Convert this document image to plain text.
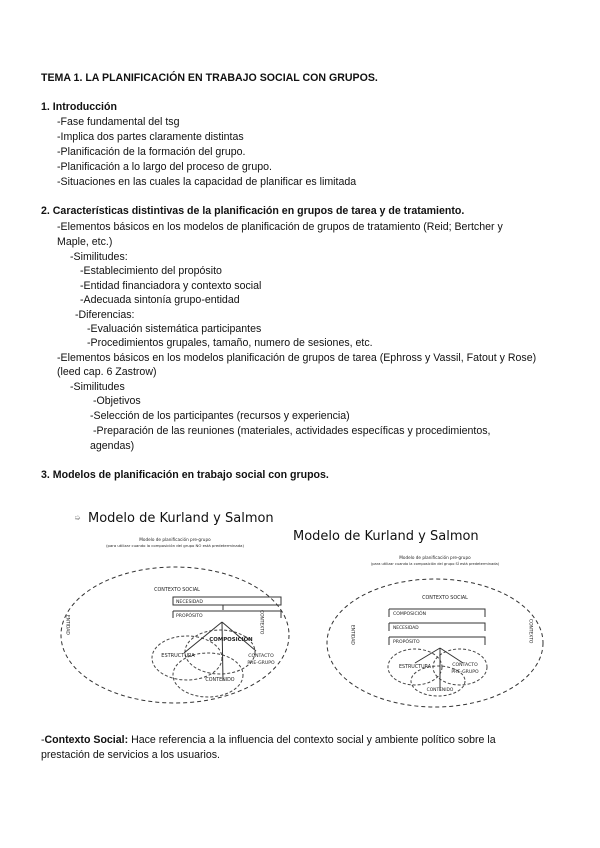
TEMA 1. LA PLANIFICACIÓN EN TRABAJO SOCIAL CON GRUPOS.
1. Introducción
-Fase fundamental del tsg
-Implica dos partes claramente distintas
-Planificación de la formación del grupo.
-Planificación a lo largo del proceso de grupo.
-Situaciones en las cuales la capacidad de planificar es limitada
2. Características distintivas de la planificación en grupos de tarea y de tratamiento.
-Elementos básicos en los modelos de planificación de grupos de tratamiento (Reid; Bertcher y
Maple, etc.)
-Similitudes:
-Establecimiento del propósito
-Entidad financiadora y contexto social
-Adecuada sintonía grupo-entidad
-Diferencias:
-Evaluación sistemática participantes
-Procedimientos grupales, tamaño, numero de sesiones, etc.
-Elementos básicos en los modelos planificación de grupos de tarea (Ephross y Vassil, Fatout y Rose)
(leed cap. 6 Zastrow)
-Similitudes
-Objetivos
-Selección de los participantes (recursos y experiencia)
-Preparación de las reuniones (materiales, actividades específicas y procedimientos,
agendas)
3. Modelos de planificación en trabajo social con grupos.
Modelo de Kurland y Salmon
➭
Modelo de planificación pre-grupo
(para utilizar cuando la composición del grupo NO está predeterminada)
CONTEXTO SOCIAL
NECESIDAD
PROPÓSITO
COMPOSICIÓN
ESTRUCTURA	CONTACTO
PRE-GRUPO
CONTENIDO
ENTIDAD	CONTEXTO
Modelo de Kurland y Salmon
Modelo de planificación pre-grupo
(para utilizar cuando la composición del grupo SÍ está predeterminada)
CONTEXTO SOCIAL
COMPOSICIÓN
NECESIDAD
PROPÓSITO
ESTRUCTURA	CONTACTO
PRE-GRUPO
CONTENIDO
ENTIDAD	CONTEXTO
-Contexto Social: Hace referencia a la influencia del contexto social y ambiente político sobre la
prestación de servicios a los usuarios.
